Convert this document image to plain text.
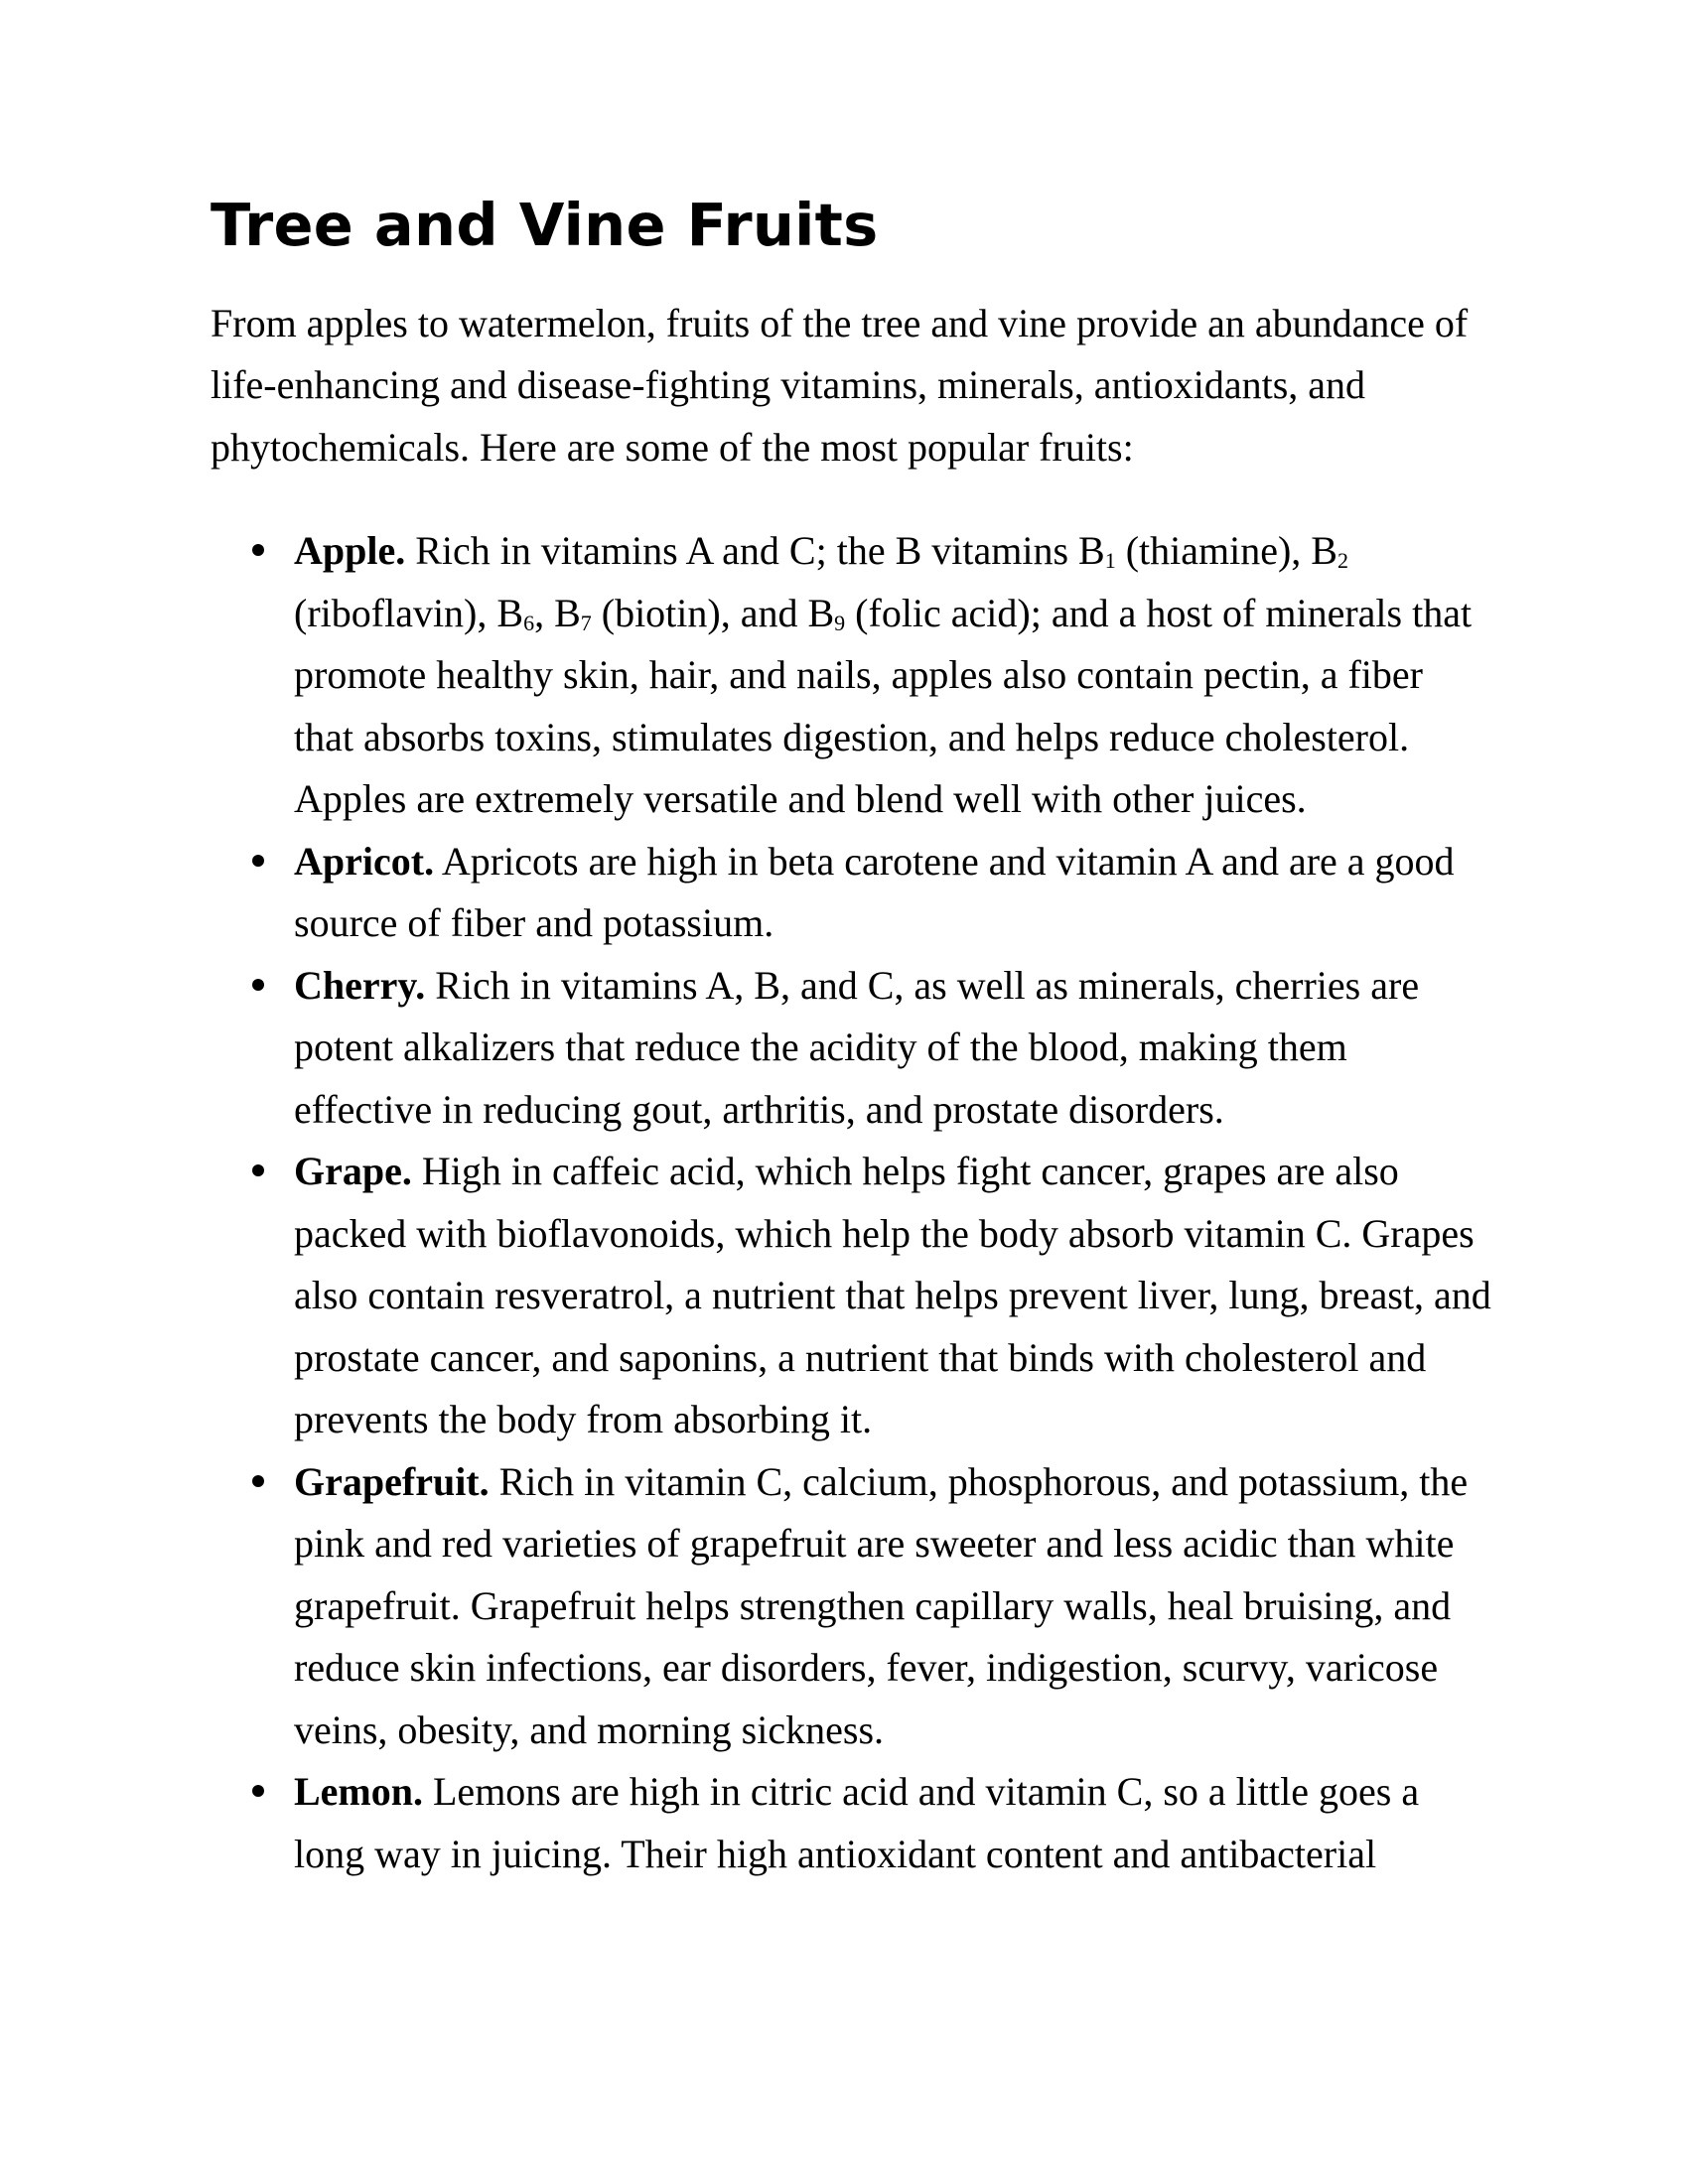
Tree and Vine Fruits

From apples to watermelon, fruits of the tree and vine provide an abundance of life-enhancing and disease-fighting vitamins, minerals, antioxidants, and phytochemicals. Here are some of the most popular fruits:

Apple. Rich in vitamins A and C; the B vitamins $B_1$ (thiamine), $B_2$ (riboflavin), $B_6$, $B_7$ (biotin), and $B_9$ (folic acid); and a host of minerals that promote healthy skin, hair, and nails, apples also contain pectin, a fiber that absorbs toxins, stimulates digestion, and helps reduce cholesterol. Apples are extremely versatile and blend well with other juices.
Apricot. Apricots are high in beta carotene and vitamin A and are a good source of fiber and potassium.
Cherry. Rich in vitamins A, B, and C, as well as minerals, cherries are potent alkalizers that reduce the acidity of the blood, making them effective in reducing gout, arthritis, and prostate disorders.
Grape. High in caffeic acid, which helps fight cancer, grapes are also packed with bioflavonoids, which help the body absorb vitamin C. Grapes also contain resveratrol, a nutrient that helps prevent liver, lung, breast, and prostate cancer, and saponins, a nutrient that binds with cholesterol and prevents the body from absorbing it.
Grapefruit. Rich in vitamin C, calcium, phosphorous, and potassium, the pink and red varieties of grapefruit are sweeter and less acidic than white grapefruit. Grapefruit helps strengthen capillary walls, heal bruising, and reduce skin infections, ear disorders, fever, indigestion, scurvy, varicose veins, obesity, and morning sickness.
Lemon. Lemons are high in citric acid and vitamin C, so a little goes a long way in juicing. Their high antioxidant content and antibacterial
